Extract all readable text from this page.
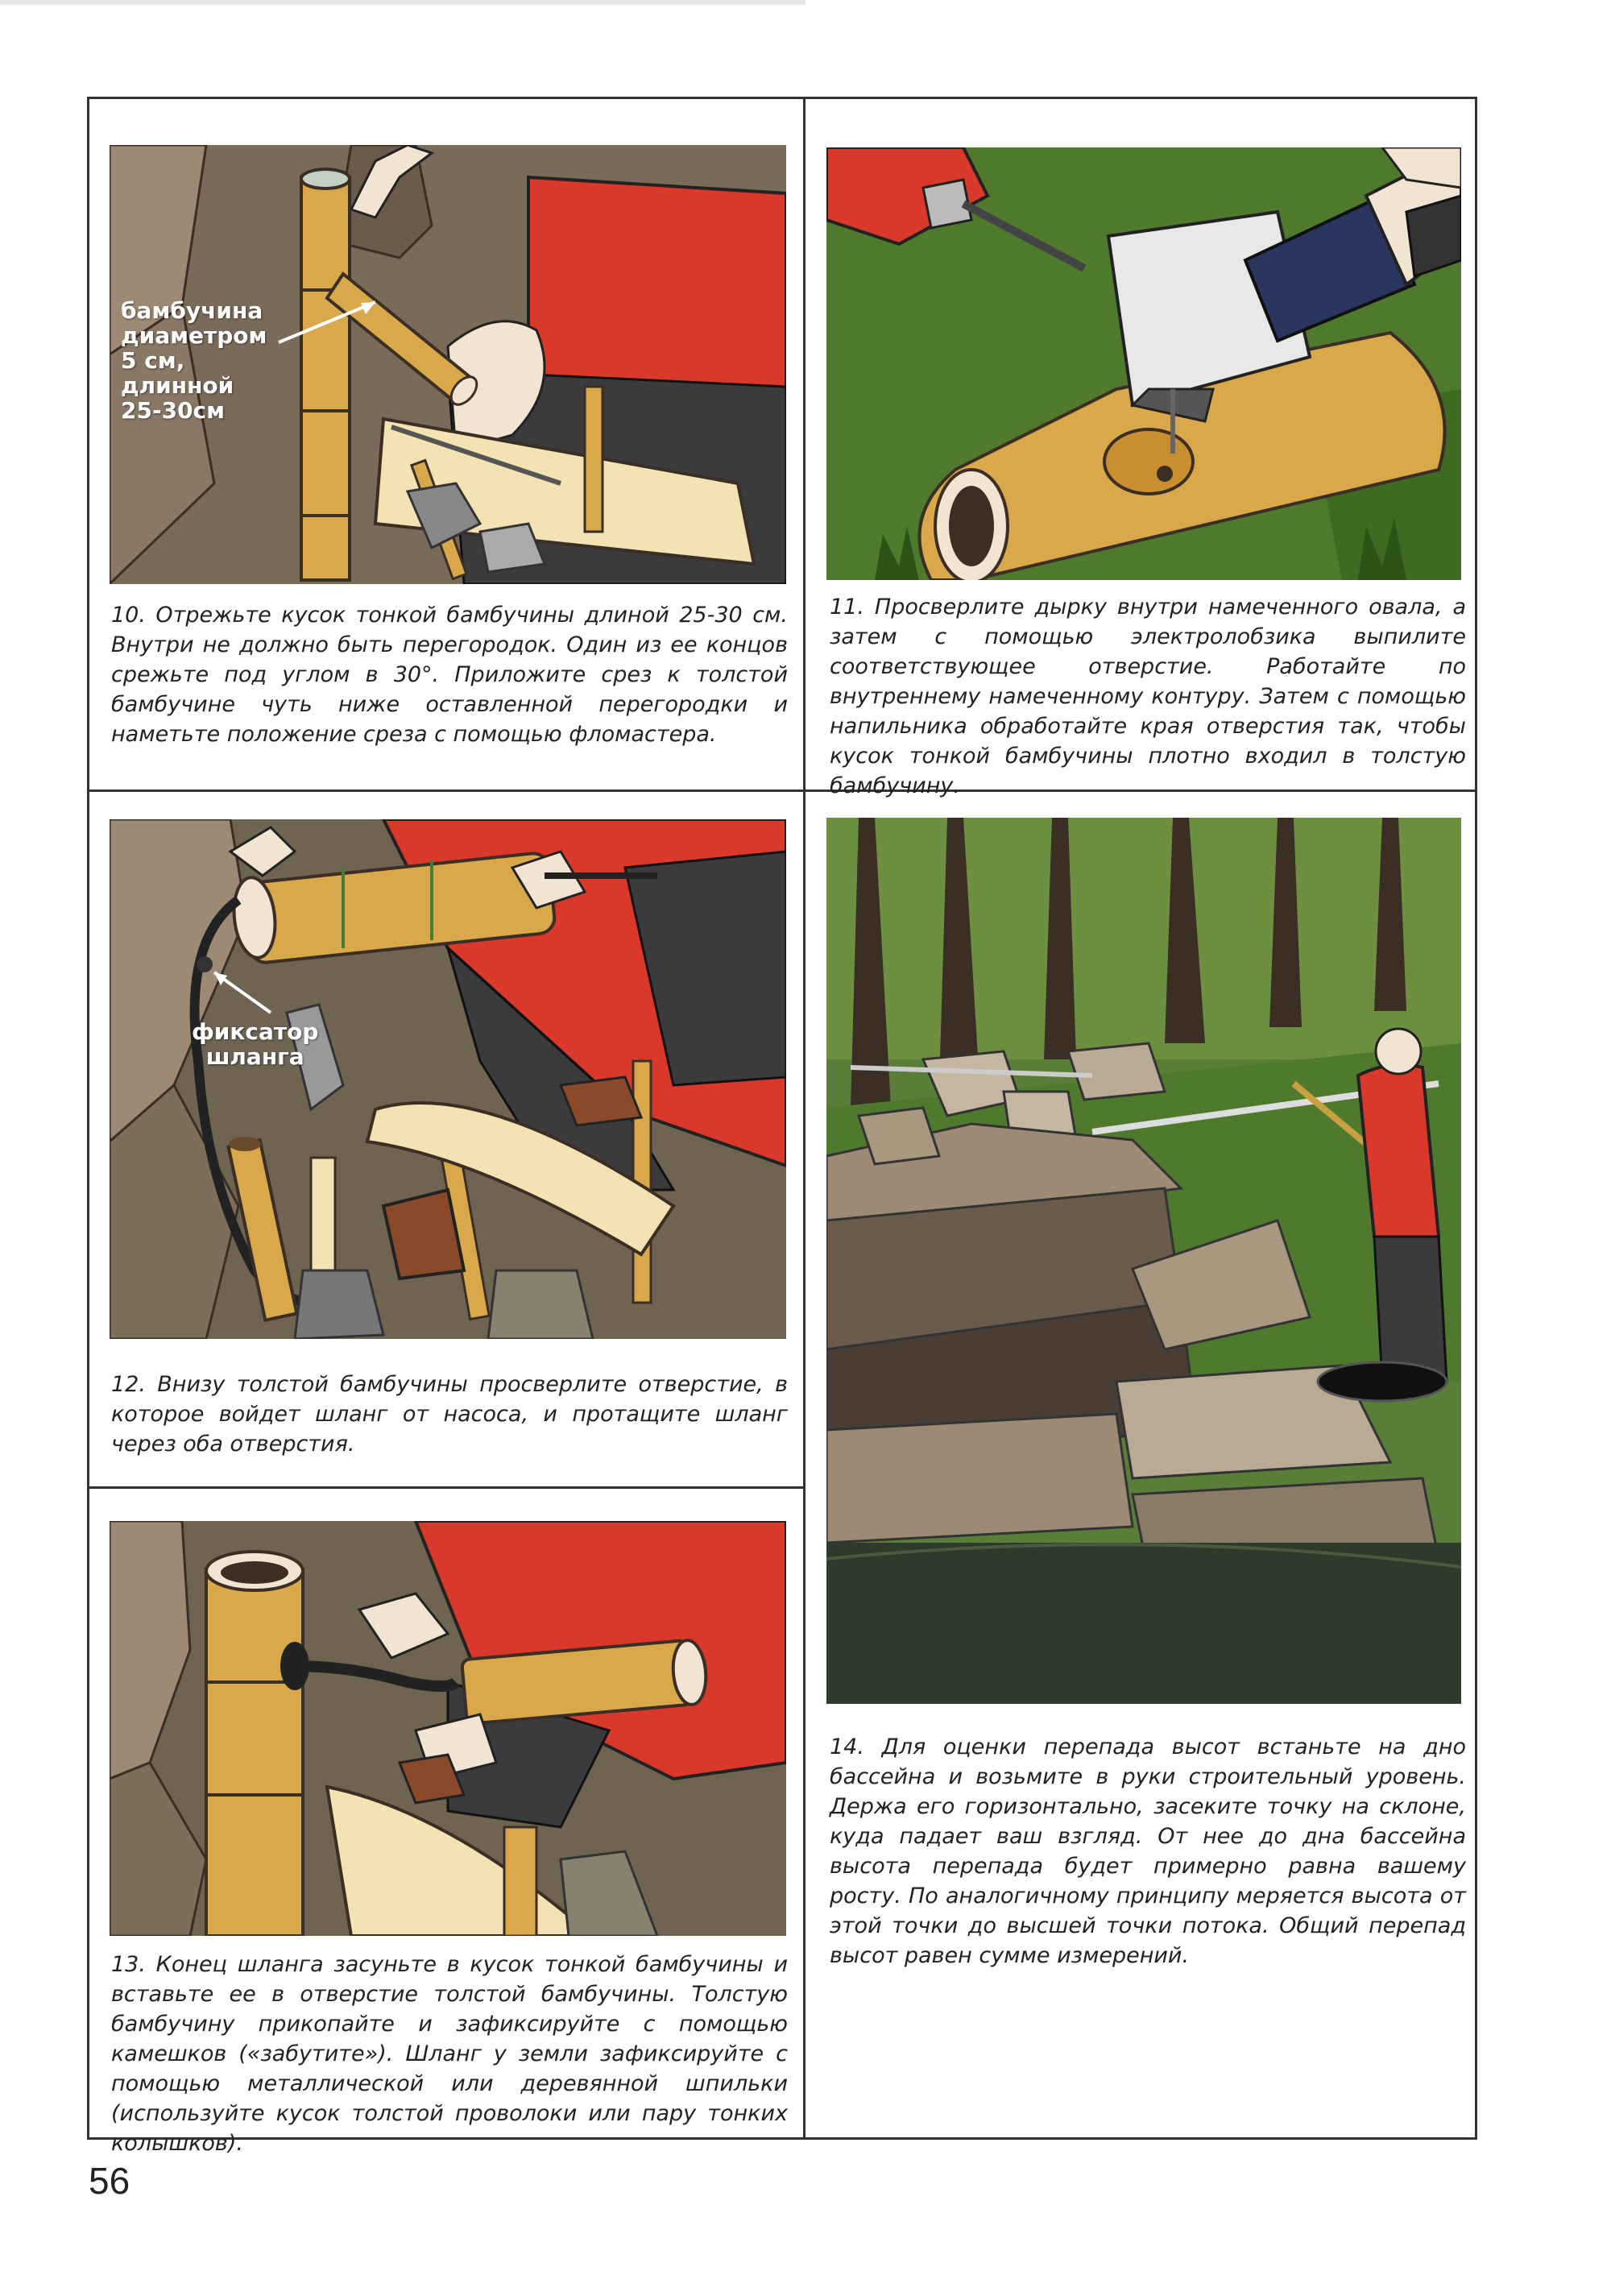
бамбучина
диаметром
5 см,
длинной
25-30см

10. Отрежьте кусок тонкой бамбучины длиной 25-30 см. Внутри не должно быть перегородок. Один из ее концов срежьте под углом в 30°. Приложите срез к толстой бамбучине чуть ниже оставленной перегородки и наметьте положение среза с помощью фломастера.

11. Просверлите дырку внутри намеченного овала, а затем с помощью электролобзика выпилите соответствующее отверстие. Работайте по внутреннему намеченному контуру. Затем с помощью напильника обработайте края отверстия так, чтобы кусок тонкой бамбучины плотно входил в толстую бамбучину.

фиксатор
шланга

12. Внизу толстой бамбучины просверлите отверстие, в которое войдет шланг от насоса, и протащите шланг через оба отверстия.

13. Конец шланга засуньте в кусок тонкой бамбучины и вставьте ее в отверстие толстой бамбучины. Толстую бамбучину прикопайте и зафиксируйте с помощью камешков («забутите»). Шланг у земли зафиксируйте с помощью металлической или деревянной шпильки (используйте кусок толстой проволоки или пару тонких колышков).

14. Для оценки перепада высот встаньте на дно бассейна и возьмите в руки строительный уровень. Держа его горизонтально, засеките точку на склоне, куда падает ваш взгляд. От нее до дна бассейна высота перепада будет примерно равна вашему росту. По аналогичному принципу меряется высота от этой точки до высшей точки потока. Общий перепад высот равен сумме измерений.

56
